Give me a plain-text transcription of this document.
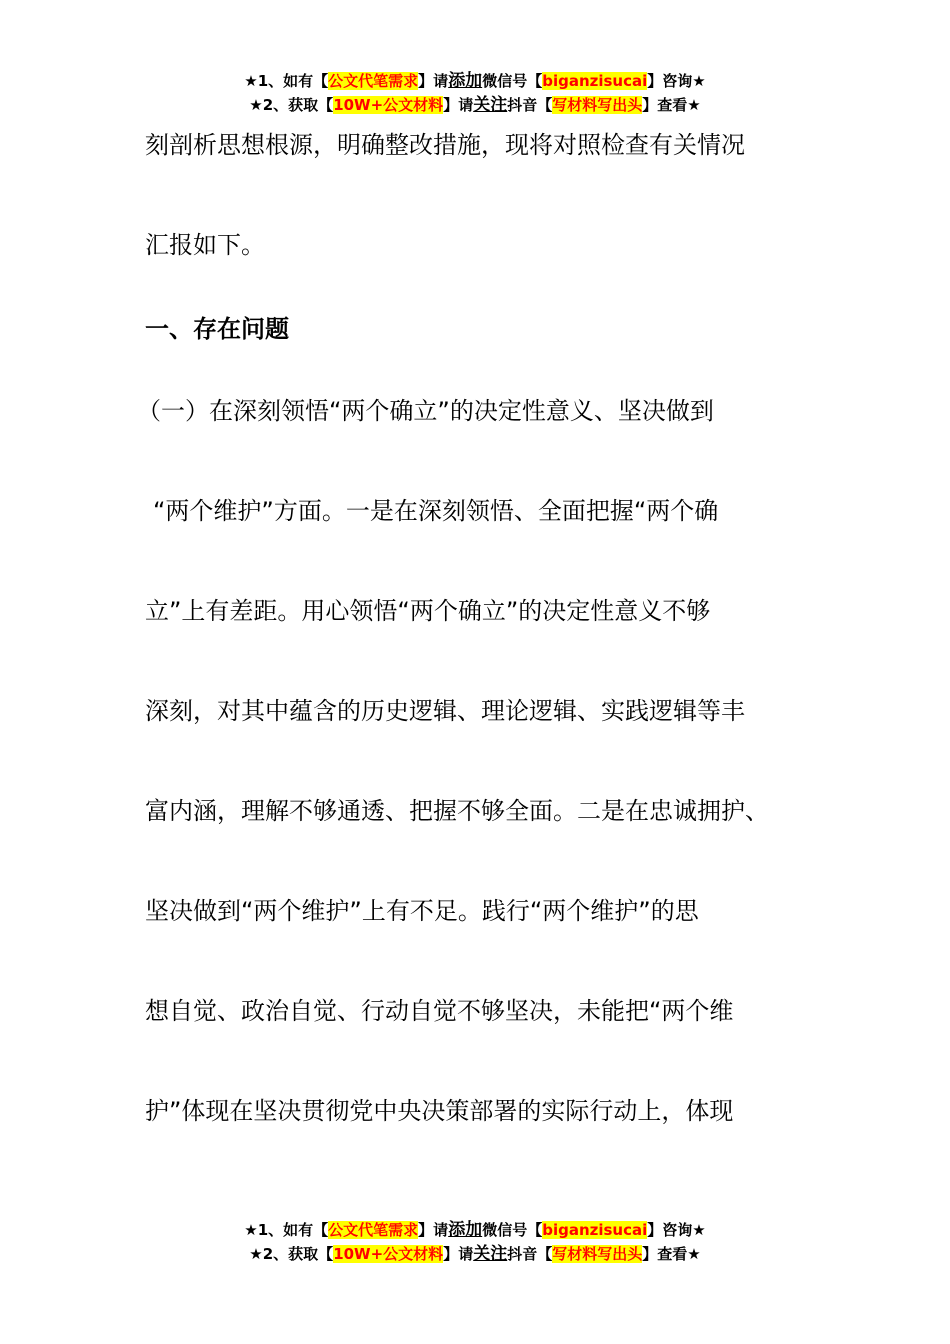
★1、如有【公文代笔需求】请添加微信号【biganzisucai】咨询★
★2、获取【10W+公文材料】请关注抖音【写材料写出头】查看★
刻剖析思想根源，明确整改措施，现将对照检查有关情况
汇报如下。
一、存在问题
（一）在深刻领悟“两个确立”的决定性意义、坚决做到
“两个维护”方面。一是在深刻领悟、全面把握“两个确
立”上有差距。用心领悟“两个确立”的决定性意义不够
深刻，对其中蕴含的历史逻辑、理论逻辑、实践逻辑等丰
富内涵，理解不够通透、把握不够全面。二是在忠诚拥护、
坚决做到“两个维护”上有不足。践行“两个维护”的思
想自觉、政治自觉、行动自觉不够坚决，未能把“两个维
护”体现在坚决贯彻党中央决策部署的实际行动上，体现
★1、如有【公文代笔需求】请添加微信号【biganzisucai】咨询★
★2、获取【10W+公文材料】请关注抖音【写材料写出头】查看★
